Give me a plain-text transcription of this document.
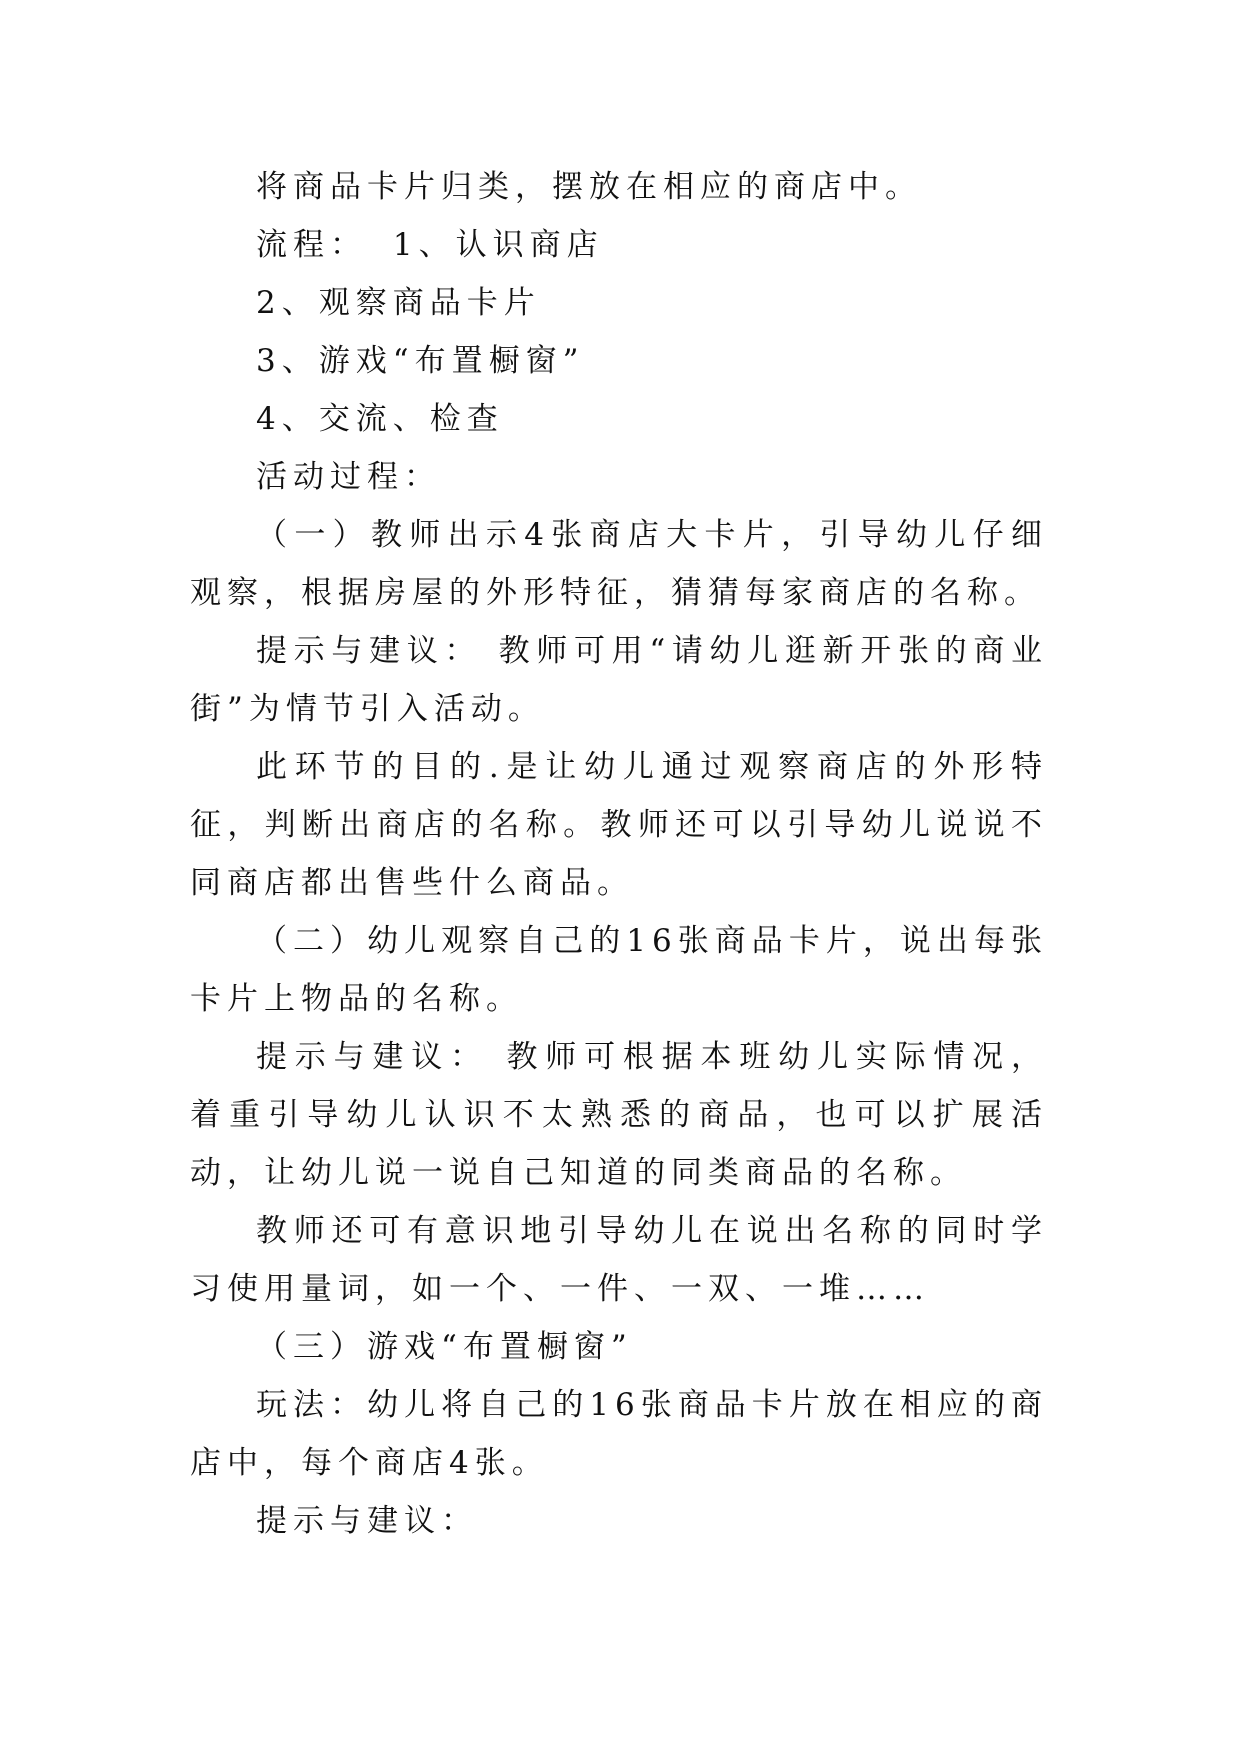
将商品卡片归类，摆放在相应的商店中。

流程： 1、认识商店

2、观察商品卡片

3、游戏“布置橱窗”

4、交流、检查

活动过程：

（一）教师出示4张商店大卡片，引导幼儿仔细观察，根据房屋的外形特征，猜猜每家商店的名称。

提示与建议： 教师可用“请幼儿逛新开张的商业街”为情节引入活动。

此环节的目的.是让幼儿通过观察商店的外形特征，判断出商店的名称。教师还可以引导幼儿说说不同商店都出售些什么商品。

（二）幼儿观察自己的16张商品卡片，说出每张卡片上物品的名称。

提示与建议： 教师可根据本班幼儿实际情况，着重引导幼儿认识不太熟悉的商品，也可以扩展活动，让幼儿说一说自己知道的同类商品的名称。

教师还可有意识地引导幼儿在说出名称的同时学习使用量词，如一个、一件、一双、一堆……

（三）游戏“布置橱窗”

玩法：幼儿将自己的16张商品卡片放在相应的商店中，每个商店4张。

提示与建议：
